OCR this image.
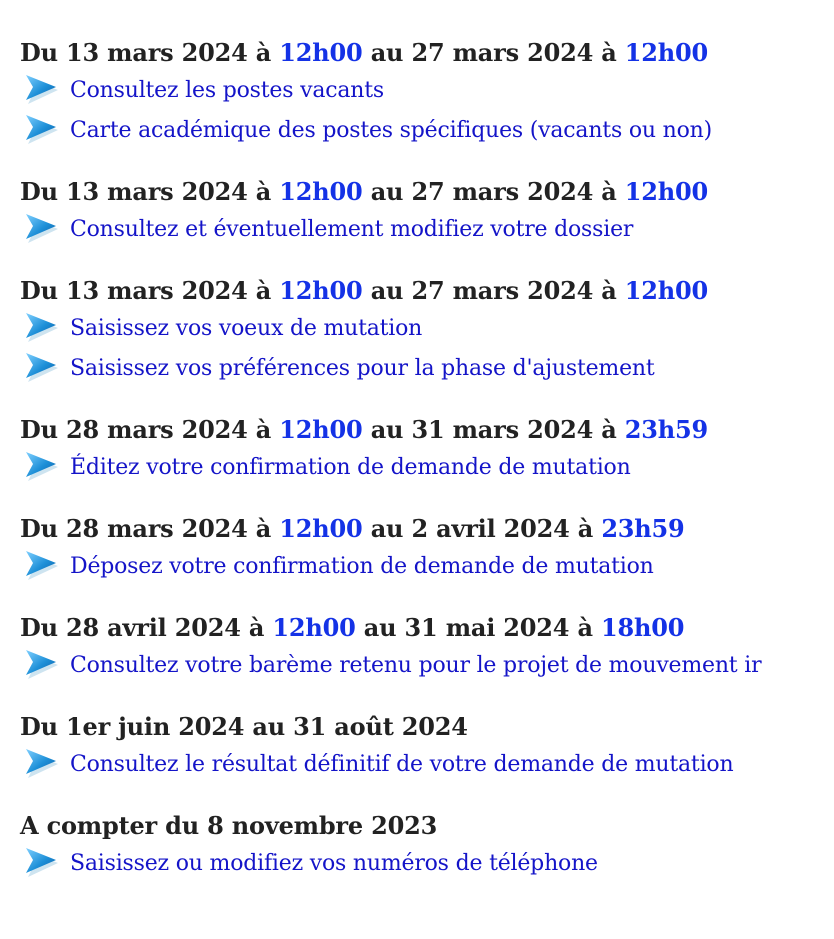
Du 13 mars 2024 à 12h00 au 27 mars 2024 à 12h00
Consultez les postes vacants
Carte académique des postes spécifiques (vacants ou non)
Du 13 mars 2024 à 12h00 au 27 mars 2024 à 12h00
Consultez et éventuellement modifiez votre dossier
Du 13 mars 2024 à 12h00 au 27 mars 2024 à 12h00
Saisissez vos voeux de mutation
Saisissez vos préférences pour la phase d'ajustement
Du 28 mars 2024 à 12h00 au 31 mars 2024 à 23h59
Éditez votre confirmation de demande de mutation
Du 28 mars 2024 à 12h00 au 2 avril 2024 à 23h59
Déposez votre confirmation de demande de mutation
Du 28 avril 2024 à 12h00 au 31 mai 2024 à 18h00
Consultez votre barème retenu pour le projet de mouvement ir
Du 1er juin 2024 au 31 août 2024
Consultez le résultat définitif de votre demande de mutation
A compter du 8 novembre 2023
Saisissez ou modifiez vos numéros de téléphone
